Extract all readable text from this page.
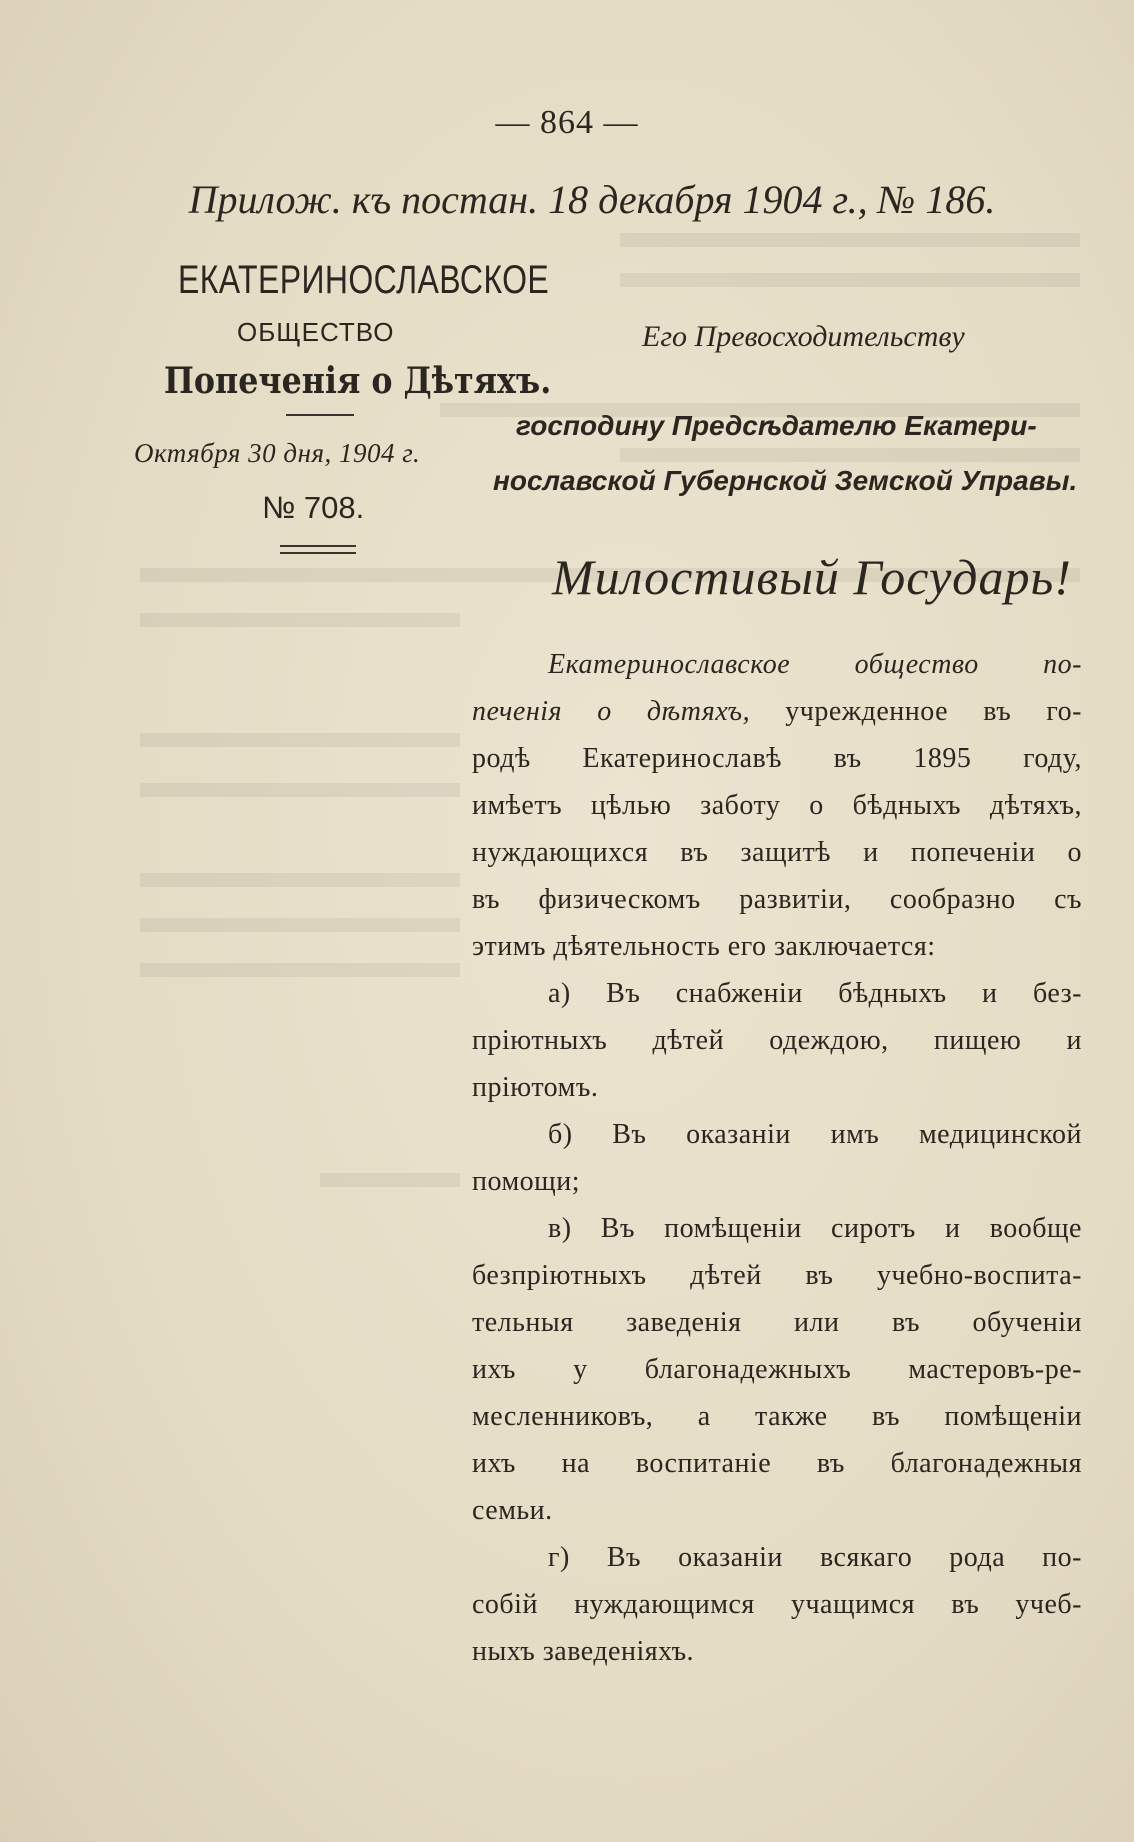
— 864 —
Прилож. къ постан. 18 декабря 1904 г., № 186.
ЕКАТЕРИНОСЛАВСКОЕ
ОБЩЕСТВО
Попеченія о Дѣтяхъ.
Октября 30 дня, 1904 г.
№ 708.
Его Превосходительству
господину Предсѣдателю Екатери-
нославской Губернской Земской Управы.
Милостивый Государь!
Екатеринославское общество по-
печенія о дѣтяхъ, учрежденное въ го-
родѣ Екатеринославѣ въ 1895 году,
имѣетъ цѣлью заботу о бѣдныхъ дѣтяхъ,
нуждающихся въ защитѣ и попеченіи о
въ физическомъ развитіи, сообразно съ
этимъ дѣятельность его заключается:
а) Въ снабженіи бѣдныхъ и без-
пріютныхъ дѣтей одеждою, пищею и
пріютомъ.
б) Въ оказаніи имъ медицинской
помощи;
в) Въ помѣщеніи сиротъ и вообще
безпріютныхъ дѣтей въ учебно-воспита-
тельныя заведенія или въ обученіи
ихъ у благонадежныхъ мастеровъ-ре-
месленниковъ, а также въ помѣщеніи
ихъ на воспитаніе въ благонадежныя
семьи.
г) Въ оказаніи всякаго рода по-
собій нуждающимся учащимся въ учеб-
ныхъ заведеніяхъ.
